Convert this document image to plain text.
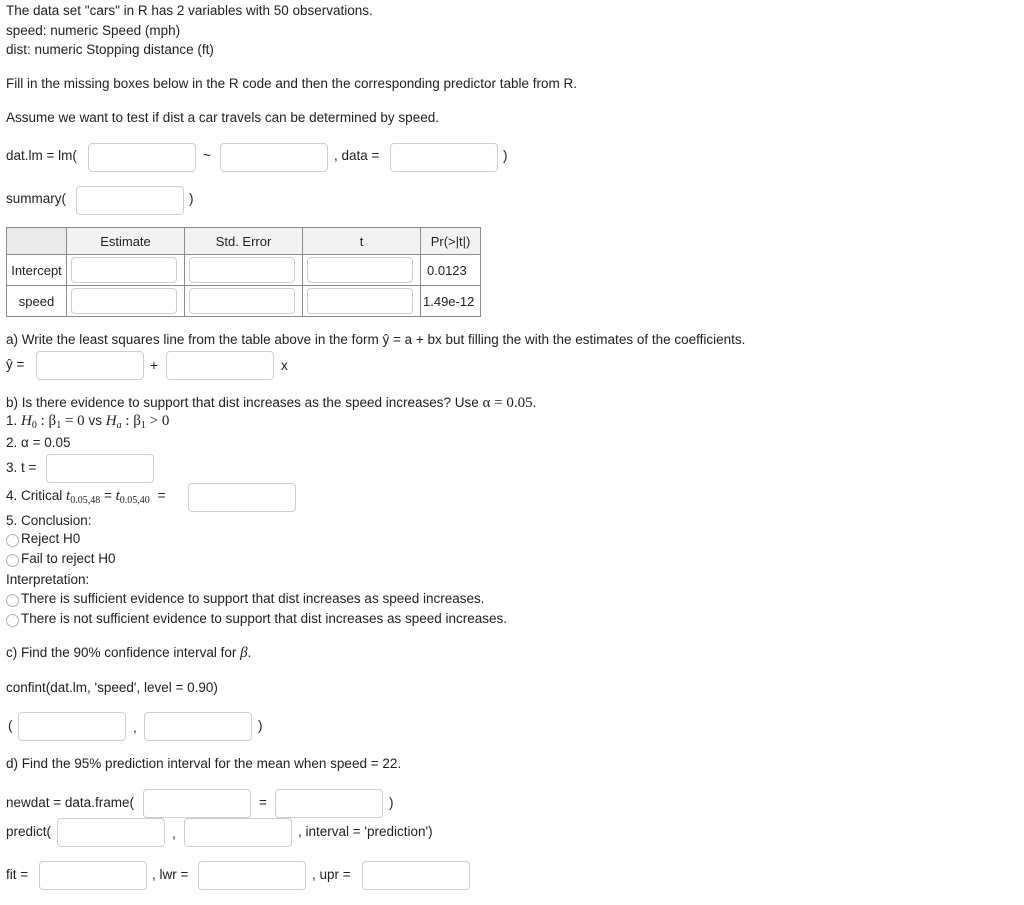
The data set "cars" in R has 2 variables with 50 observations.
speed: numeric Speed (mph)
dist: numeric Stopping distance (ft)
Fill in the missing boxes below in the R code and then the corresponding predictor table from R.
Assume we want to test if dist a car travels can be determined by speed.
dat.lm = lm(	~	, data =	)
summary(	)
	Estimate	Std. Error	t	Pr(>|t|)
Intercept				0.0123
speed				1.49e-12
a) Write the least squares line from the table above in the form ŷ = a + bx but filling the with the estimates of the coefficients.
ŷ =	+	x
b) Is there evidence to support that dist increases as the speed increases? Use α = 0.05.
1. $H_0$ : $\beta_1 = 0$ vs $H_a$ : $\beta_1 > 0$
2. α = 0.05
3. t =
4. Critical $t_{0.05,48} = t_{0.05,40}$ =
5. Conclusion:
Reject H0
Fail to reject H0
Interpretation:
There is sufficient evidence to support that dist increases as speed increases.
There is not sufficient evidence to support that dist increases as speed increases.
c) Find the 90% confidence interval for β.
confint(dat.lm, 'speed', level = 0.90)
(	,	)
d) Find the 95% prediction interval for the mean when speed = 22.
newdat = data.frame(	=	)
predict(	,	, interval = 'prediction')
fit =	, lwr =	, upr =
